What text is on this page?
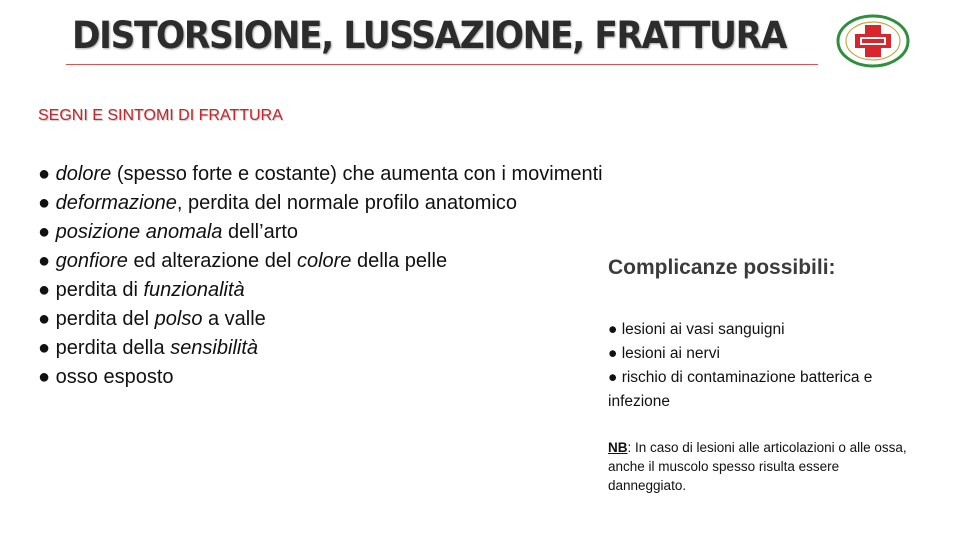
DISTORSIONE, LUSSAZIONE, FRATTURA
SEGNI E SINTOMI DI FRATTURA
● dolore (spesso forte e costante) che aumenta con i movimenti
● deformazione, perdita del normale profilo anatomico
● posizione anomala dell’arto
● gonfiore ed alterazione del colore della pelle
● perdita di funzionalità
● perdita del polso a valle
● perdita della sensibilità
● osso esposto
Complicanze possibili:
● lesioni ai vasi sanguigni
● lesioni ai nervi
● rischio di contaminazione batterica e infezione
NB: In caso di lesioni alle articolazioni o alle ossa, anche il muscolo spesso risulta essere danneggiato.
